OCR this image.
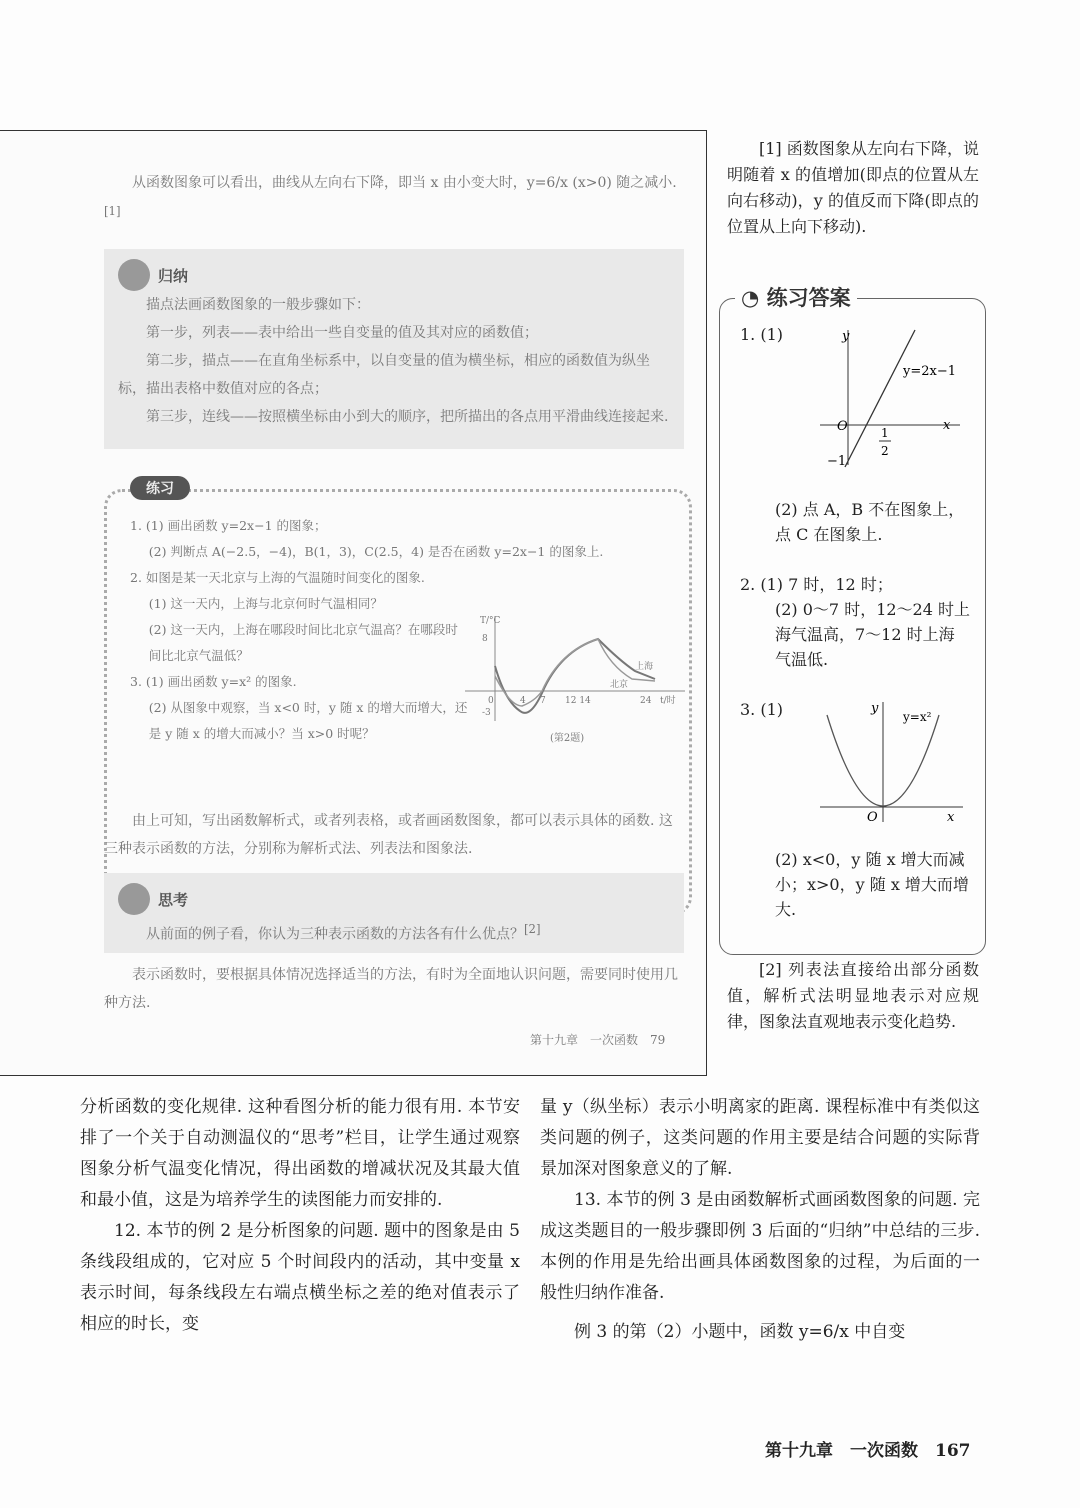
从函数图象可以看出，曲线从左向右下降，即当 x 由小变大时，y=6/x (x>0) 随之减小.[1]

归纳

描点法画函数图象的一般步骤如下：

第一步，列表——表中给出一些自变量的值及其对应的函数值；

第二步，描点——在直角坐标系中，以自变量的值为横坐标，相应的函数值为纵坐标，描出表格中数值对应的各点；

第三步，连线——按照横坐标由小到大的顺序，把所描出的各点用平滑曲线连接起来.

练习
1. (1) 画出函数 y=2x−1 的图象；
(2) 判断点 A(−2.5，−4)，B(1，3)，C(2.5，4) 是否在函数 y=2x−1 的图象上.
2. 如图是某一天北京与上海的气温随时间变化的图象.
(1) 这一天内，上海与北京何时气温相同？
(2) 这一天内，上海在哪段时间比北京气温高？在哪段时间比北京气温低？
3. (1) 画出函数 y=x² 的图象.
(2) 从图象中观察，当 x<0 时，y 随 x 的增大而增大，还是 y 随 x 的增大而减小？当 x>0 时呢？
T/°C
8
-3
0	4 7 12 14	24 t/时
上海
北京
(第2题)

由上可知，写出函数解析式，或者列表格，或者画函数图象，都可以表示具体的函数. 这三种表示函数的方法，分别称为解析式法、列表法和图象法.

思考

从前面的例子看，你认为三种表示函数的方法各有什么优点？[2]

表示函数时，要根据具体情况选择适当的方法，有时为全面地认识问题，需要同时使用几种方法.

第十九章　一次函数　79
[1] 函数图象从左向右下降，说明随着 x 的值增加(即点的位置从左向右移动)，y 的值反而下降(即点的位置从上向下移动).
◔ 练习答案
1. (1)	y
x
O
y=2x−1
−1
1
2
(2) 点 A，B 不在图象上，点 C 在图象上.
2. (1) 7 时，12 时；
(2) 0～7 时，12～24 时上海气温高，7～12 时上海气温低.
3. (1)	y
x
O
y=x²
(2) x<0，y 随 x 增大而减小；x>0，y 随 x 增大而增大.
[2] 列表法直接给出部分函数值，解析式法明显地表示对应规律，图象法直观地表示变化趋势.

分析函数的变化规律. 这种看图分析的能力很有用. 本节安排了一个关于自动测温仪的“思考”栏目，让学生通过观察图象分析气温变化情况，得出函数的增减状况及其最大值和最小值，这是为培养学生的读图能力而安排的.

12. 本节的例 2 是分析图象的问题. 题中的图象是由 5 条线段组成的，它对应 5 个时间段内的活动，其中变量 x 表示时间，每条线段左右端点横坐标之差的绝对值表示了相应的时长，变

量 y（纵坐标）表示小明离家的距离. 课程标准中有类似这类问题的例子，这类问题的作用主要是结合问题的实际背景加深对图象意义的了解.

13. 本节的例 3 是由函数解析式画函数图象的问题. 完成这类题目的一般步骤即例 3 后面的“归纳”中总结的三步. 本例的作用是先给出画具体函数图象的过程，为后面的一般性归纳作准备.

例 3 的第（2）小题中，函数 y=6/x 中自变

第十九章　一次函数　167
